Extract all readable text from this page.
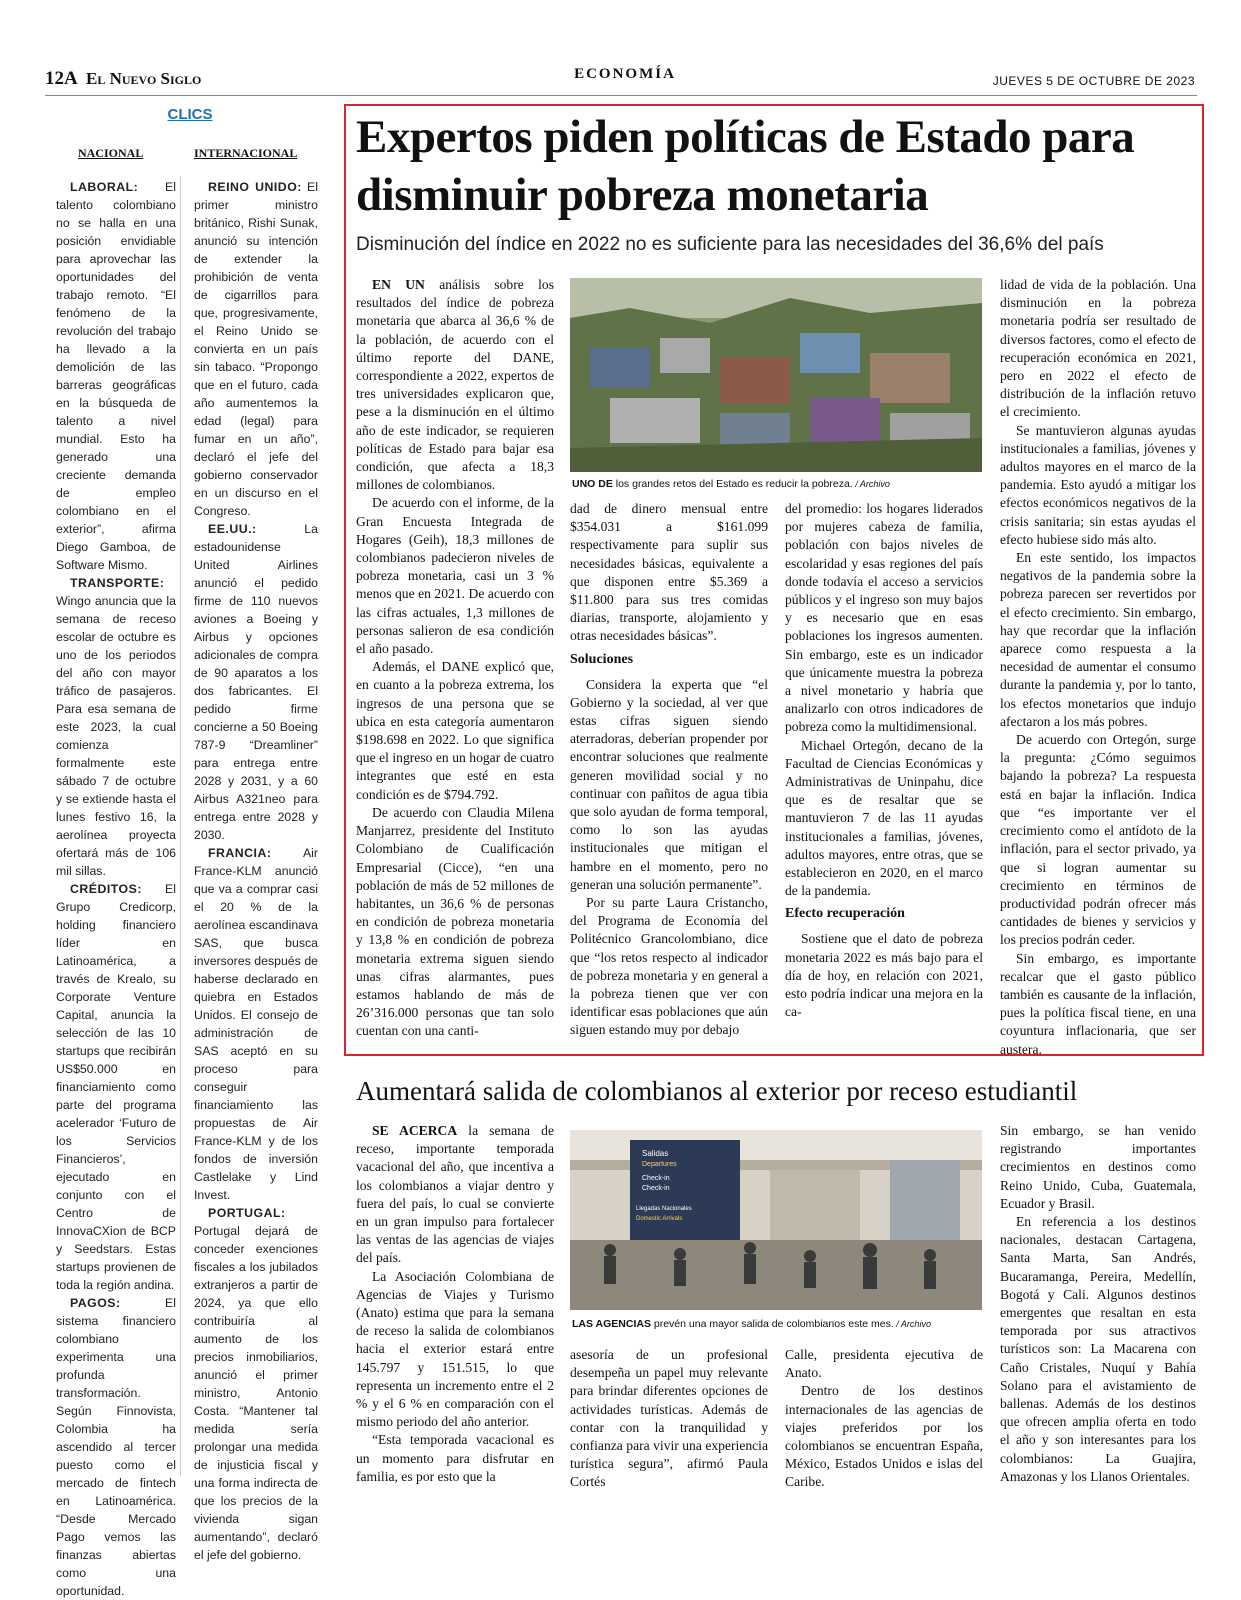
12A El Nuevo Siglo	ECONOMÍA	JUEVES 5 DE OCTUBRE DE 2023
CLICS
NACIONAL	INTERNACIONAL

LABORAL: El talento colombiano no se halla en una posición envidiable para aprovechar las oportunidades del trabajo remoto. “El fenómeno de la revolución del trabajo ha llevado a la demolición de las barreras geográficas en la búsqueda de talento a nivel mundial. Esto ha generado una creciente demanda de empleo colombiano en el exterior”, afirma Diego Gamboa, de Software Mismo.

TRANSPORTE: Wingo anuncia que la semana de receso escolar de octubre es uno de los periodos del año con mayor tráfico de pasajeros. Para esa semana de este 2023, la cual comienza formalmente este sábado 7 de octubre y se extiende hasta el lunes festivo 16, la aerolínea proyecta ofertará más de 106 mil sillas.

CRÉDITOS: El Grupo Credicorp, holding financiero líder en Latinoamérica, a través de Krealo, su Corporate Venture Capital, anuncia la selección de las 10 startups que recibirán US$50.000 en financiamiento como parte del programa acelerador ‘Futuro de los Servicios Financieros’, ejecutado en conjunto con el Centro de InnovaCXion de BCP y Seedstars. Estas startups provienen de toda la región andina.

PAGOS: El sistema financiero colombiano experimenta una profunda transformación. Según Finnovista, Colombia ha ascendido al tercer puesto como el mercado de fintech en Latinoamérica. “Desde Mercado Pago vemos las finanzas abiertas como una oportunidad.

REINO UNIDO: El primer ministro británico, Rishi Sunak, anunció su intención de extender la prohibición de venta de cigarrillos para que, progresivamente, el Reino Unido se convierta en un país sin tabaco. “Propongo que en el futuro, cada año aumentemos la edad (legal) para fumar en un año”, declaró el jefe del gobierno conservador en un discurso en el Congreso.

EE.UU.: La estadounidense United Airlines anunció el pedido firme de 110 nuevos aviones a Boeing y Airbus y opciones adicionales de compra de 90 aparatos a los dos fabricantes. El pedido firme concierne a 50 Boeing 787-9 “Dreamliner” para entrega entre 2028 y 2031, y a 60 Airbus A321neo para entrega entre 2028 y 2030.

FRANCIA: Air France-KLM anunció que va a comprar casi el 20 % de la aerolínea escandinava SAS, que busca inversores después de haberse declarado en quiebra en Estados Unidos. El consejo de administración de SAS aceptó en su proceso para conseguir financiamiento las propuestas de Air France-KLM y de los fondos de inversión Castlelake y Lind Invest.

PORTUGAL: Portugal dejará de conceder exenciones fiscales a los jubilados extranjeros a partir de 2024, ya que ello contribuiría al aumento de los precios inmobiliarios, anunció el primer ministro, Antonio Costa. “Mantener tal medida sería prolongar una medida de injusticia fiscal y una forma indirecta de que los precios de la vivienda sigan aumentando”, declaró el jefe del gobierno.

Expertos piden políticas de Estado para disminuir pobreza monetaria
Disminución del índice en 2022 no es suficiente para las necesidades del 36,6% del país

EN UN análisis sobre los resultados del índice de pobreza monetaria que abarca al 36,6 % de la población, de acuerdo con el último reporte del DANE, correspondiente a 2022, expertos de tres universidades explicaron que, pese a la disminución en el último año de este indicador, se requieren políticas de Estado para bajar esa condición, que afecta a 18,3 millones de colombianos.

De acuerdo con el informe, de la Gran Encuesta Integrada de Hogares (Geih), 18,3 millones de colombianos padecieron niveles de pobreza monetaria, casi un 3 % menos que en 2021. De acuerdo con las cifras actuales, 1,3 millones de personas salieron de esa condición el año pasado.

Además, el DANE explicó que, en cuanto a la pobreza extrema, los ingresos de una persona que se ubica en esta categoría aumentaron $198.698 en 2022. Lo que significa que el ingreso en un hogar de cuatro integrantes que esté en esta condición es de $794.792.

De acuerdo con Claudia Milena Manjarrez, presidente del Instituto Colombiano de Cualificación Empresarial (Cicce), “en una población de más de 52 millones de habitantes, un 36,6 % de personas en condición de pobreza monetaria y 13,8 % en condición de pobreza monetaria extrema siguen siendo unas cifras alarmantes, pues estamos hablando de más de 26’316.000 personas que tan solo cuentan con una canti-

UNO DE los grandes retos del Estado es reducir la pobreza. / Archivo

dad de dinero mensual entre $354.031 a $161.099 respectivamente para suplir sus necesidades básicas, equivalente a que disponen entre $5.369 a $11.800 para sus tres comidas diarias, transporte, alojamiento y otras necesidades básicas”.

Soluciones

Considera la experta que “el Gobierno y la sociedad, al ver que estas cifras siguen siendo aterradoras, deberían propender por encontrar soluciones que realmente generen movilidad social y no continuar con pañitos de agua tibia que solo ayudan de forma temporal, como lo son las ayudas institucionales que mitigan el hambre en el momento, pero no generan una solución permanente”.

Por su parte Laura Cristancho, del Programa de Economía del Politécnico Grancolombiano, dice que “los retos respecto al indicador de pobreza monetaria y en general a la pobreza tienen que ver con identificar esas poblaciones que aún siguen estando muy por debajo

del promedio: los hogares liderados por mujeres cabeza de familia, población con bajos niveles de escolaridad y esas regiones del país donde todavía el acceso a servicios públicos y el ingreso son muy bajos y es necesario que en esas poblaciones los ingresos aumenten. Sin embargo, este es un indicador que únicamente muestra la pobreza a nivel monetario y habría que analizarlo con otros indicadores de pobreza como la multidimensional.

Michael Ortegón, decano de la Facultad de Ciencias Económicas y Administrativas de Uninpahu, dice que es de resaltar que se mantuvieron 7 de las 11 ayudas institucionales a familias, jóvenes, adultos mayores, entre otras, que se establecieron en 2020, en el marco de la pandemia.

Efecto recuperación

Sostiene que el dato de pobreza monetaria 2022 es más bajo para el día de hoy, en relación con 2021, esto podría indicar una mejora en la ca-

lidad de vida de la población. Una disminución en la pobreza monetaria podría ser resultado de diversos factores, como el efecto de recuperación económica en 2021, pero en 2022 el efecto de distribución de la inflación retuvo el crecimiento.

Se mantuvieron algunas ayudas institucionales a familias, jóvenes y adultos mayores en el marco de la pandemia. Esto ayudó a mitigar los efectos económicos negativos de la crisis sanitaria; sin estas ayudas el efecto hubiese sido más alto.

En este sentido, los impactos negativos de la pandemia sobre la pobreza parecen ser revertidos por el efecto crecimiento. Sin embargo, hay que recordar que la inflación aparece como respuesta a la necesidad de aumentar el consumo durante la pandemia y, por lo tanto, los efectos monetarios que indujo afectaron a los más pobres.

De acuerdo con Ortegón, surge la pregunta: ¿Cómo seguimos bajando la pobreza? La respuesta está en bajar la inflación. Indica que “es importante ver el crecimiento como el antídoto de la inflación, para el sector privado, ya que si logran aumentar su crecimiento en términos de productividad podrán ofrecer más cantidades de bienes y servicios y los precios podrán ceder.

Sin embargo, es importante recalcar que el gasto público también es causante de la inflación, pues la política fiscal tiene, en una coyuntura inflacionaria, que ser austera.

Aumentará salida de colombianos al exterior por receso estudiantil

SE ACERCA la semana de receso, importante temporada vacacional del año, que incentiva a los colombianos a viajar dentro y fuera del país, lo cual se convierte en un gran impulso para fortalecer las ventas de las agencias de viajes del país.

La Asociación Colombiana de Agencias de Viajes y Turismo (Anato) estima que para la semana de receso la salida de colombianos hacia el exterior estará entre 145.797 y 151.515, lo que representa un incremento entre el 2 % y el 6 % en comparación con el mismo periodo del año anterior.

“Esta temporada vacacional es un momento para disfrutar en familia, es por esto que la

Salidas
Departures
Check-in
Check-in
Llegadas Nacionales
Domestic Arrivals
LAS AGENCIAS prevén una mayor salida de colombianos este mes. / Archivo

asesoría de un profesional desempeña un papel muy relevante para brindar diferentes opciones de actividades turísticas. Además de contar con la tranquilidad y confianza para vivir una experiencia turística segura”, afirmó Paula Cortés

Calle, presidenta ejecutiva de Anato.

Dentro de los destinos internacionales de las agencias de viajes preferidos por los colombianos se encuentran España, México, Estados Unidos e islas del Caribe.

Sin embargo, se han venido registrando importantes crecimientos en destinos como Reino Unido, Cuba, Guatemala, Ecuador y Brasil.

En referencia a los destinos nacionales, destacan Cartagena, Santa Marta, San Andrés, Bucaramanga, Pereira, Medellín, Bogotá y Cali. Algunos destinos emergentes que resaltan en esta temporada por sus atractivos turísticos son: La Macarena con Caño Cristales, Nuquí y Bahía Solano para el avistamiento de ballenas. Además de los destinos que ofrecen amplia oferta en todo el año y son interesantes para los colombianos: La Guajira, Amazonas y los Llanos Orientales.
